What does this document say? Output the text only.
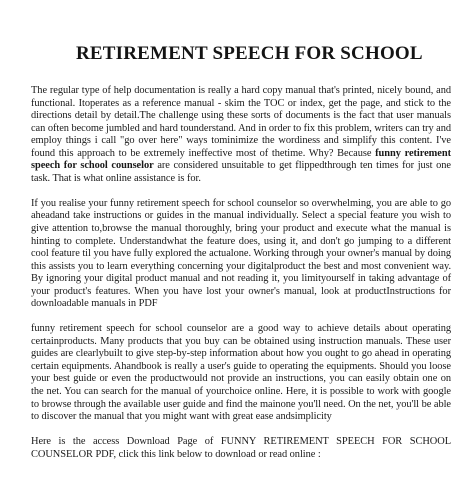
RETIREMENT SPEECH FOR SCHOOL

The regular type of help documentation is really a hard copy manual that's printed, nicely bound, and functional. Itoperates as a reference manual - skim the TOC or index, get the page, and stick to the directions detail by detail.The challenge using these sorts of documents is the fact that user manuals can often become jumbled and hard tounderstand. And in order to fix this problem, writers can try and employ things i call "go over here" ways tominimize the wordiness and simplify this content. I've found this approach to be extremely ineffective most of thetime. Why? Because funny retirement speech for school counselor are considered unsuitable to get flippedthrough ten times for just one task. That is what online assistance is for.

If you realise your funny retirement speech for school counselor so overwhelming, you are able to go aheadand take instructions or guides in the manual individually. Select a special feature you wish to give attention to,browse the manual thoroughly, bring your product and execute what the manual is hinting to complete. Understandwhat the feature does, using it, and don't go jumping to a different cool feature til you have fully explored the actualone. Working through your owner's manual by doing this assists you to learn everything concerning your digitalproduct the best and most convenient way. By ignoring your digital product manual and not reading it, you limityourself in taking advantage of your product's features. When you have lost your owner's manual, look at productInstructions for downloadable manuals in PDF

funny retirement speech for school counselor are a good way to achieve details about operating certainproducts. Many products that you buy can be obtained using instruction manuals. These user guides are clearlybuilt to give step-by-step information about how you ought to go ahead in operating certain equipments. Ahandbook is really a user's guide to operating the equipments. Should you loose your best guide or even the productwould not provide an instructions, you can easily obtain one on the net. You can search for the manual of yourchoice online. Here, it is possible to work with google to browse through the available user guide and find the mainone you'll need. On the net, you'll be able to discover the manual that you might want with great ease andsimplicity

Here is the access Download Page of FUNNY RETIREMENT SPEECH FOR SCHOOL COUNSELOR PDF, click this link below to download or read online :
